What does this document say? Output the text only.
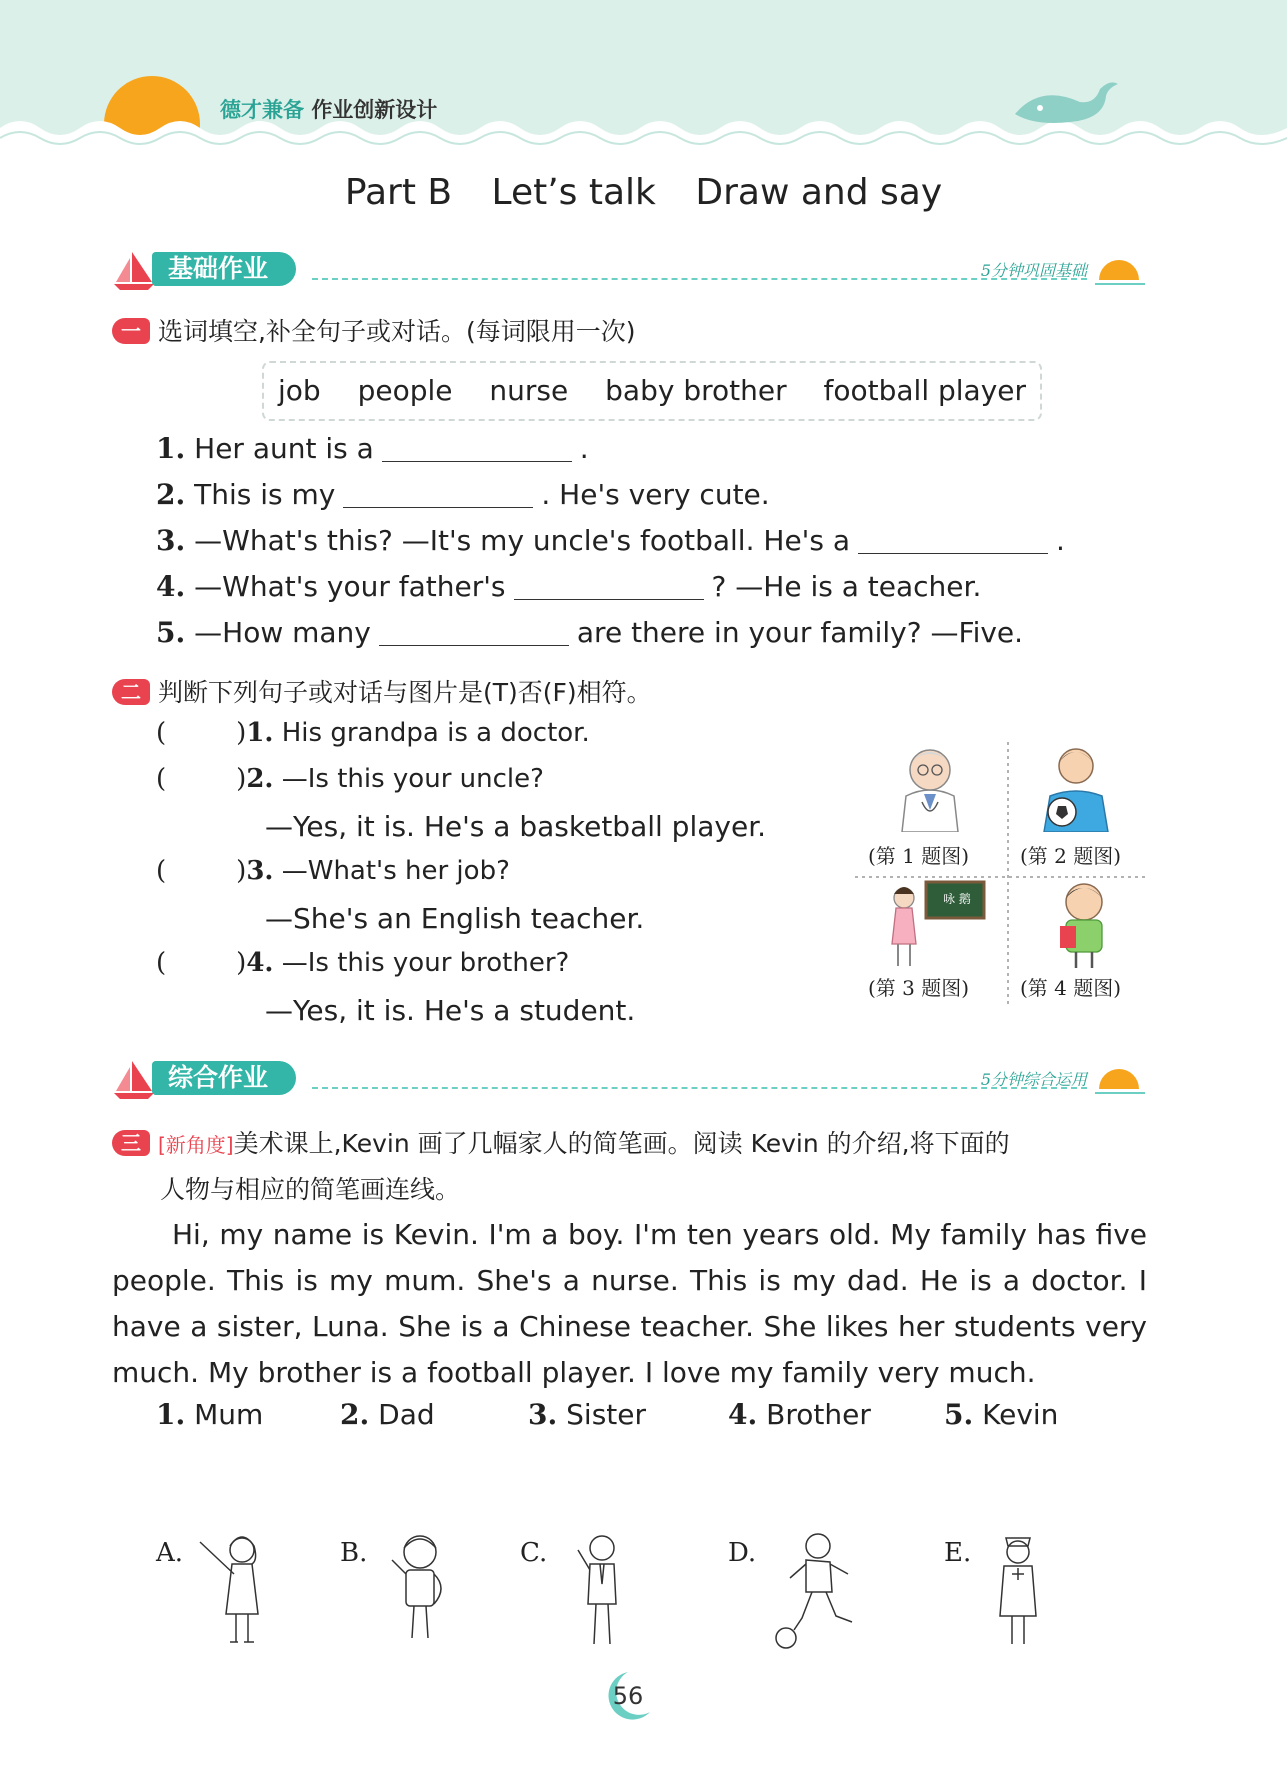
德才兼备 作业创新设计
Part B Let’s talk Draw and say
基础作业	5分钟巩固基础
一 选词填空,补全句子或对话。(每词限用一次)
job people nurse baby brother football player
1. Her aunt is a	.
2. This is my	. He's very cute.
3. —What's this? —It's my uncle's football. He's a	.
4. —What's your father's	? —He is a teacher.
5. —How many	are there in your family? —Five.
二 判断下列句子或对话与图片是(T)否(F)相符。
(	)1. His grandpa is a doctor.
(	)2. —Is this your uncle?
—Yes, it is. He's a basketball player.
(	)3. —What's her job?
—She's an English teacher.
(	)4. —Is this your brother?
—Yes, it is. He's a student.
咏 鹅
(第 1 题图)	(第 2 题图)
(第 3 题图)	(第 4 题图)
综合作业	5分钟综合运用
三 [新角度]美术课上,Kevin 画了几幅家人的简笔画。阅读 Kevin 的介绍,将下面的
人物与相应的简笔画连线。
Hi, my name is Kevin. I'm a boy. I'm ten years old. My family has five people. This is my mum. She's a nurse. This is my dad. He is a doctor. I have a sister, Luna. She is a Chinese teacher. She likes her students very much. My brother is a football player. I love my family very much.
1. Mum	2. Dad	3. Sister	4. Brother	5. Kevin
A.	B.	C.	D.	E.
56
